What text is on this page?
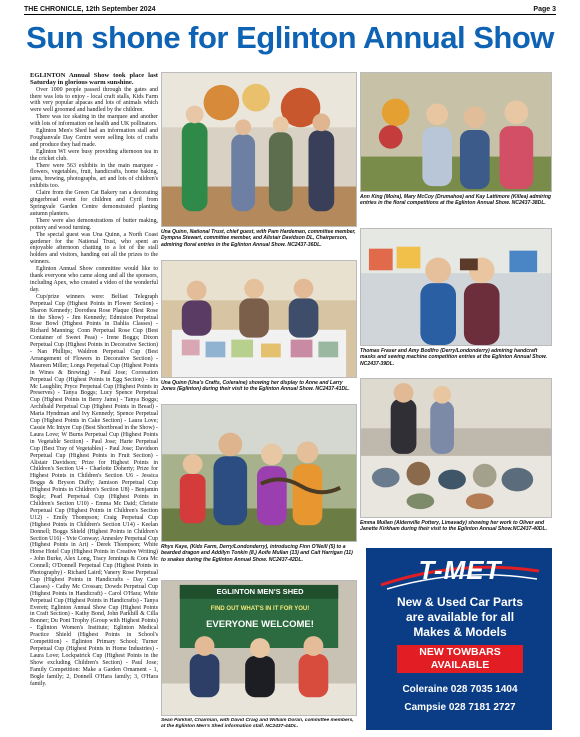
THE CHRONICLE, 12th September 2024	Page 3
Sun shone for Eglinton Annual Show

EGLINTON Annual Show took place last Saturday in glorious warm sunshine.

Over 1000 people passed through the gates and there was lots to enjoy - local craft stalls, Kids Farm with very popular alpacas and lots of animals which were well groomed and handled by the children.

There was ice skating in the marquee and another with lots of information on health and UK pollinators.

Eglinton Men's Shed had an information stall and Foughanvale Day Centre were selling lots of crafts and produce they had made.

Eglinton WI were busy providing afternoon tea in the cricket club.

There were 563 exhibits in the main marquee - flowers, vegetables, fruit, handicrafts, home baking, jams, brewing, photographs, art and lots of children's exhibits too.

Claire from the Green Cat Bakery ran a decorating gingerbread event for children and Cyril from Springvale Garden Centre demonstrated planting autumn planters.

There were also demonstrations of butter making, pottery and wood turning.

The special guest was Una Quinn, a North Coast gardener for the National Trust, who spent an enjoyable afternoon chatting to a lot of the stall holders and visitors, handing out all the prizes to the winners.

Eglinton Annual Show committee would like to thank everyone who came along and all the sponsors, including Apex, who created a video of the wonderful day.

Cup/prize winners were: Belfast Telegraph Perpetual Cup (Highest Points in Flower Section) - Sharon Kennedy; Dorothea Rose Plaque (Best Rose in the Show) - Jim Kennedy; Edmiston Perpetual Rose Bowl (Highest Points in Dahlia Classes) - Richard Manning; Conn Perpetual Rose Cup (Best Container of Sweet Peas) - Irene Boggs; Dixon Perpetual Cup (Highest Points in Decorative Section) - Nan Phillips; Waldron Perpetual Cup (Best Arrangement of Flowers in Decorative Section) - Maureen Miller; Longs Perpetual Cup (Highest Points in Wines & Brewing) - Paul Jose; Coronation Perpetual Cup (Highest Points in Egg Section) - Iris Mc Laughlin; Pryce Perpetual Cup (Highest Points in Preserves) - Tanya Boggs; Lucy Spence Perpetual Cup (Highest Points in Berry Jams) - Tanya Boggs; Archibald Perpetual Cup (Highest Points in Bread) - Maria Hyndman and Ivy Kennedy; Spence Perpetual Cup (Highest Points in Cake Section) - Laura Love; Cassie Mc Intyre Cup (Best Shortbread in the Show) - Laura Love; W Burns Perpetual Cup (Highest Points in Vegetable Section) - Paul Jose; Harte Perpetual Cup (Best Tray of Vegetables) - Paul Jose; Davidson Perpetual Cup (Highest Points in Fruit Section) - Alistair Davidson; Prize for Highest Points in Children's Section U4 - Charlotte Doherty; Prize for Highest Points in Children's Section U6 - Jessica Boggs & Bryson Duffy; Jamison Perpetual Cup (Highest Points in Children's Section U8) - Benjamin Bogle; Pearl Perpetual Cup (Highest Points in Children's Section U10) - Emma Mc Daid; Christie Perpetual Cup (Highest Points in Children's Section U12) - Emily Thompson; Craig Perpetual Cup (Highest Points in Children's Section U14) - Keelan Donnell; Boggs Shield (Highest Points in Children's Section U16) - Yvie Conway; Annesley Perpetual Cup (Highest Points in Art) - Derek Thompson; White Horse Hotel Cup (Highest Points in Creative Writing) - John Burke, Alex Long, Tracy Jennings & Cora Mc Connell; O'Donnell Perpetual Cup (Highest Points in Photography) - Richard Laird; Vanery Rose Perpetual Cup (Highest Points in Handicrafts - Day Care Classes) - Cathy Mc Crossan; Dowds Perpetual Cup (Highest Points in Handicraft) - Carol O'Hara; White Perpetual Cup (Highest Points in Handicrafts) - Tanya Everett; Eglinton Annual Show Cup (Highest Points in Craft Section) - Kathy Bond, John Parkhill & Cilla Bonner; Du Pont Trophy (Group with Highest Points) - Eglinton Women's Institute; Eglinton Medical Practice Shield (Highest Points in School's Competition) - Eglinton Primary School; Turner Perpetual Cup (Highest Points in Home Industries) - Laura Love; Lockpatrick Cup (Highest Points in the Show excluding Children's Section) - Paul Jose; Family Competition: Make a Garden Ornament - 1, Bogle family; 2, Donnell O'Hara family; 3, O'Hara family.

Una Quinn, National Trust, chief guest, with Pam Hardeman, committee member, Dympna Stewart, committee member, and Alistair Davidson DL, Chairperson, admiring floral entries in the Eglinton Annual Show. NC2437-36DL.
Ann King (Moira), Mary McCoy (Drumahoe) and Kay Lattimore (Killea) admiring entries in the floral competitions at the Eglinton Annual Show. NC2437-38DL.
Una Quinn (Una's Crafts, Coleraine) showing her display to Anne and Larry Jones (Eglinton) during their visit to the Eglinton Annual Show. NC2437-41DL.
Thomas Fraser and Amy Bodlfro (Derry/Londonderry) admiring handcraft masks and sewing machine competition entries at the Eglinton Annual Show. NC2437-39DL.
Rhys Kaye, (Kids Farm, Derry/Londonderry), introducing Finn O'Neill (5) to a bearded dragon and Addilyn Tonkin (8,) Aoife Mullan (13) and Cait Harrigan (11) to snakes during the Eglinton Annual Show. NC2437-42DL.
Emma Mullan (Aldenville Pottery, Limavady) showing her work to Oliver and Janette Kirkham during their visit to the Eglinton Annual Show.NC2437-40DL.
EGLINTON MEN'S SHED
FIND OUT WHAT'S IN IT FOR YOU!
EVERYONE WELCOME!
Sean Parkhill, Chairman, with David Craig and William Doran, committee members, at the Eglinton Men's Shed information stall. NC2437-44DL.
T-MET
New & Used Car Parts
are available for all
Makes & Models
NEW TOWBARS
AVAILABLE
Coleraine 028 7035 1404
Campsie 028 7181 2727
